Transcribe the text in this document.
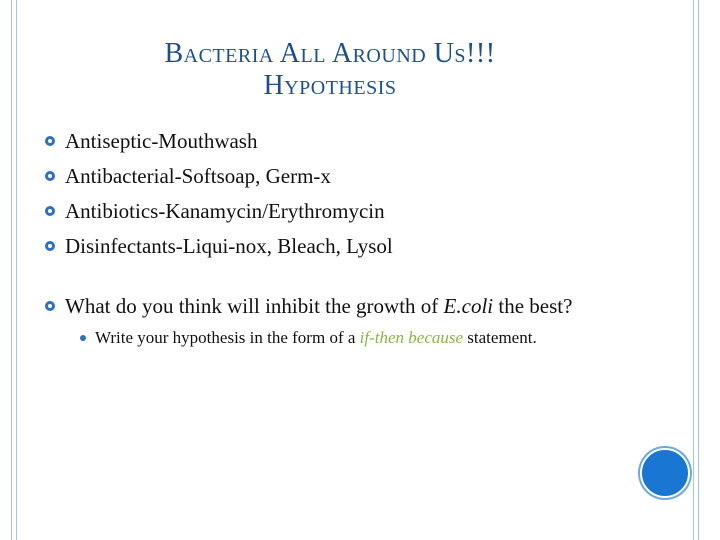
Bacteria All Around Us!!!
Hypothesis
Antiseptic-Mouthwash
Antibacterial-Softsoap, Germ-x
Antibiotics-Kanamycin/Erythromycin
Disinfectants-Liqui-nox, Bleach, Lysol
What do you think will inhibit the growth of E.coli the best?
Write your hypothesis in the form of a if-then because statement.
